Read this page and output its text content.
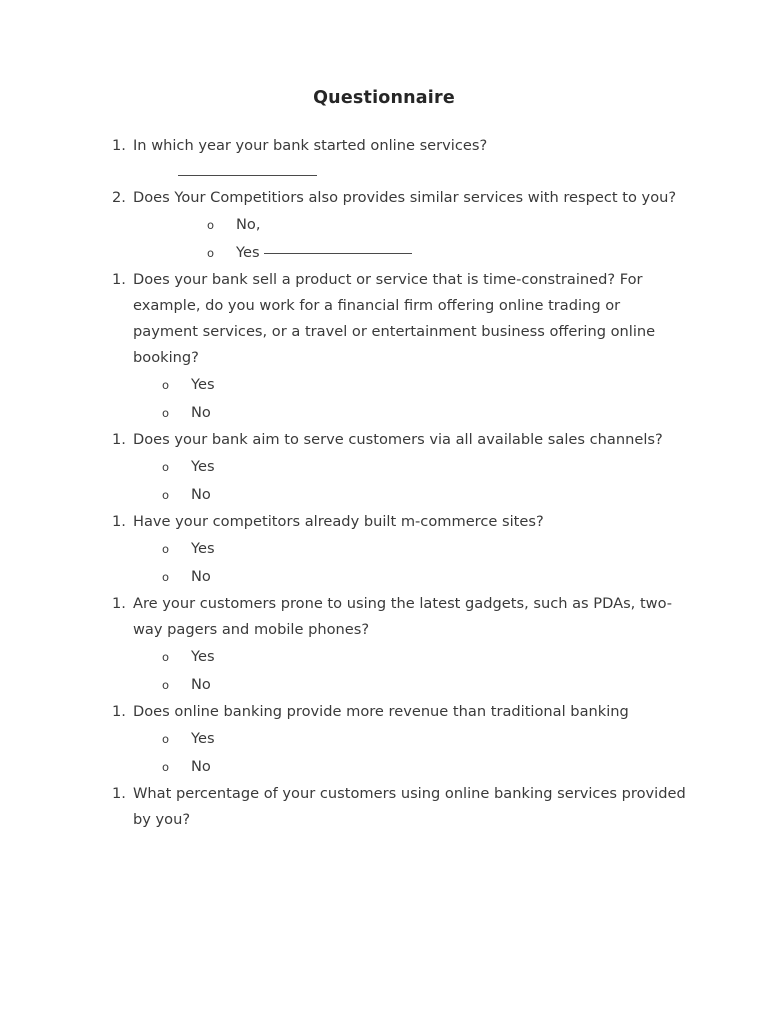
Questionnaire
1. In which year your bank started online services?
2. Does Your Competitiors also provides similar services with respect to you?
o No,
o Yes
1. Does your bank sell a product or service that is time-constrained? For example, do you work for a financial firm offering online trading or payment services, or a travel or entertainment business offering online booking?
o Yes
o No
1. Does your bank aim to serve customers via all available sales channels?
o Yes
o No
1. Have your competitors already built m-commerce sites?
o Yes
o No
1. Are your customers prone to using the latest gadgets, such as PDAs, two-way pagers and mobile phones?
o Yes
o No
1. Does online banking provide more revenue than traditional banking
o Yes
o No
1. What percentage of your customers using online banking services provided by you?
